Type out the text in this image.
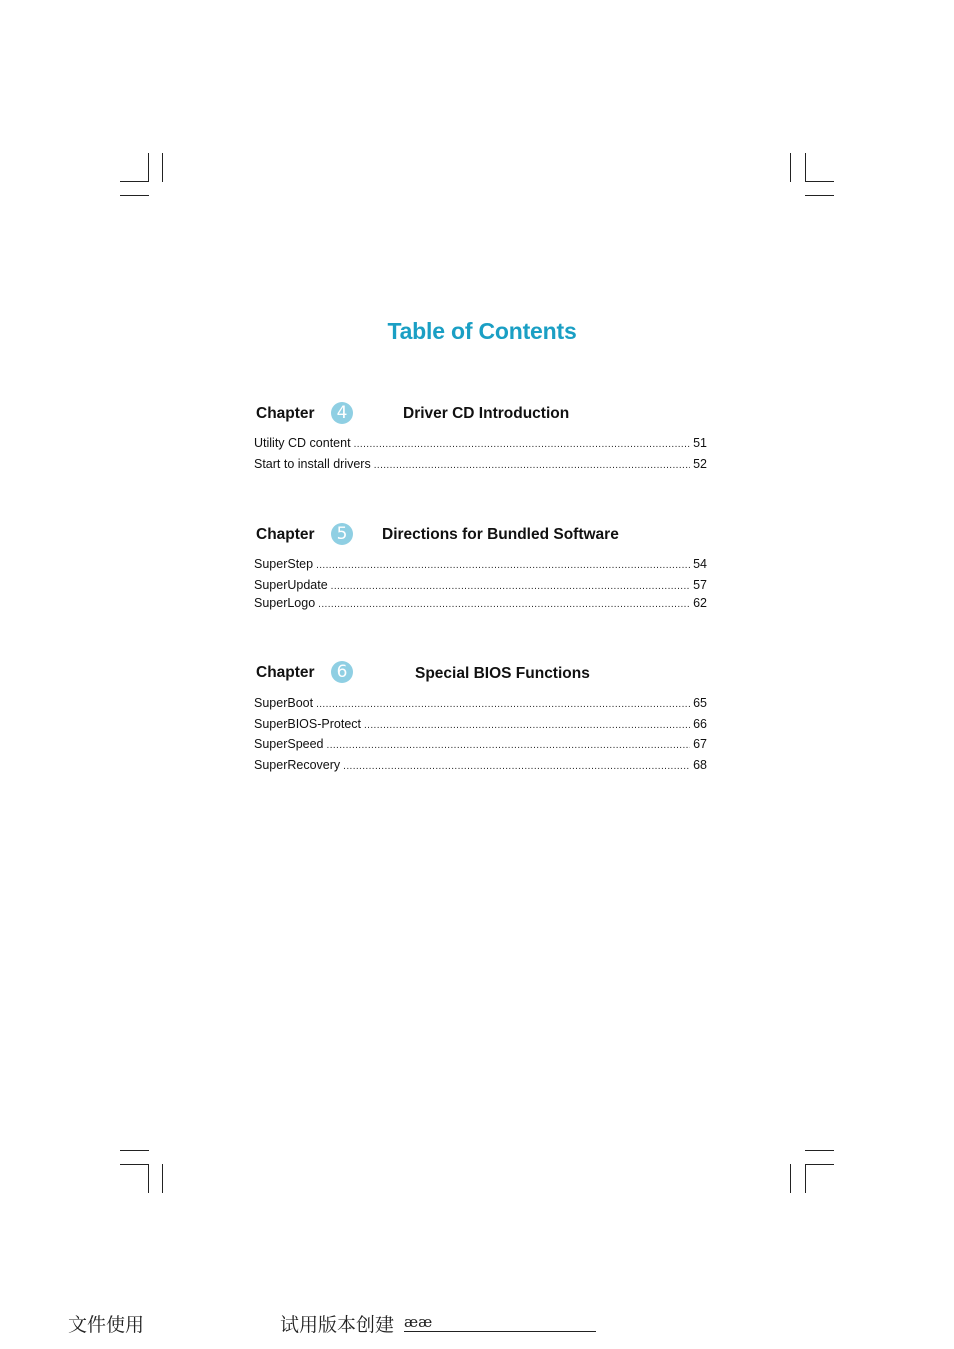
Table of Contents
Chapter	4	Driver CD Introduction
Utility CD content .....	51
Start to install drivers .....	52
Chapter	5	Directions for Bundled Software
SuperStep .....	54
SuperUpdate .....	57
SuperLogo .....	62
Chapter	6	Special BIOS Functions
SuperBoot .....	65
SuperBIOS-Protect .....	66
SuperSpeed .....	67
SuperRecovery .....	68
文件使用	试用版本创建 ææ
